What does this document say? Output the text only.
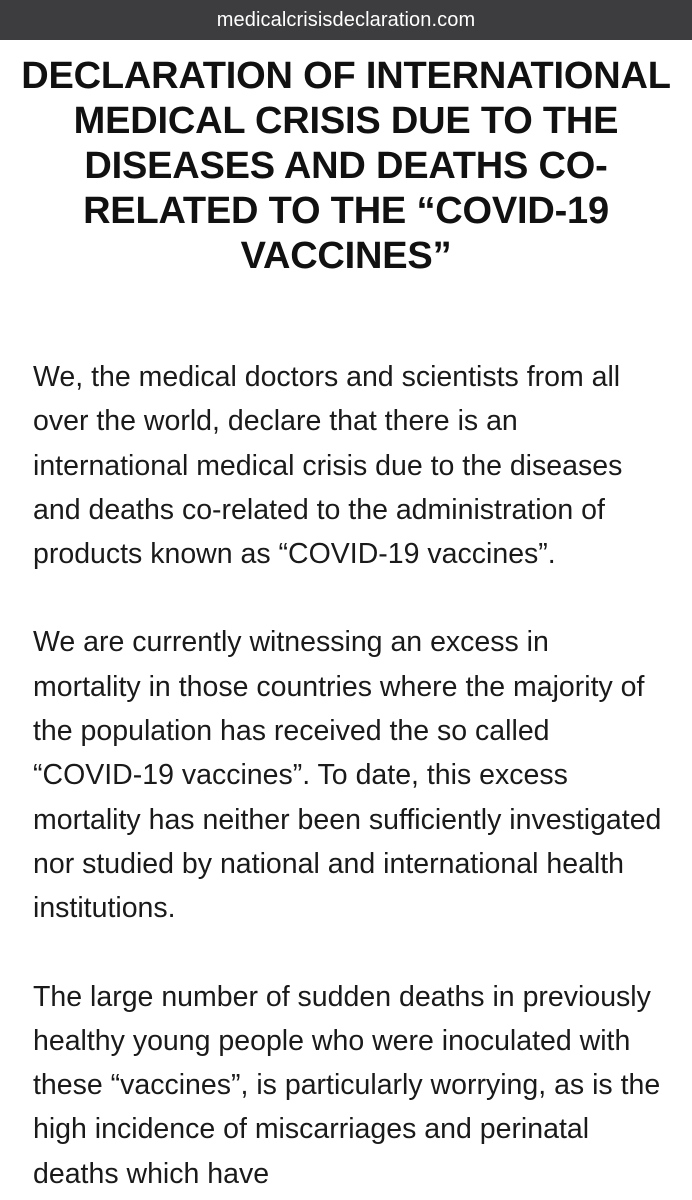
medicalcrisisdeclaration.com
DECLARATION OF INTERNATIONAL MEDICAL CRISIS DUE TO THE DISEASES AND DEATHS CO-RELATED TO THE “COVID-19 VACCINES”

We, the medical doctors and scientists from all over the world, declare that there is an international medical crisis due to the diseases and deaths co-related to the administration of products known as “COVID-19 vaccines”.

We are currently witnessing an excess in mortality in those countries where the majority of the population has received the so called “COVID-19 vaccines”. To date, this excess mortality has neither been sufficiently investigated nor studied by national and international health institutions.

The large number of sudden deaths in previously healthy young people who were inoculated with these “vaccines”, is particularly worrying, as is the high incidence of miscarriages and perinatal deaths which have
